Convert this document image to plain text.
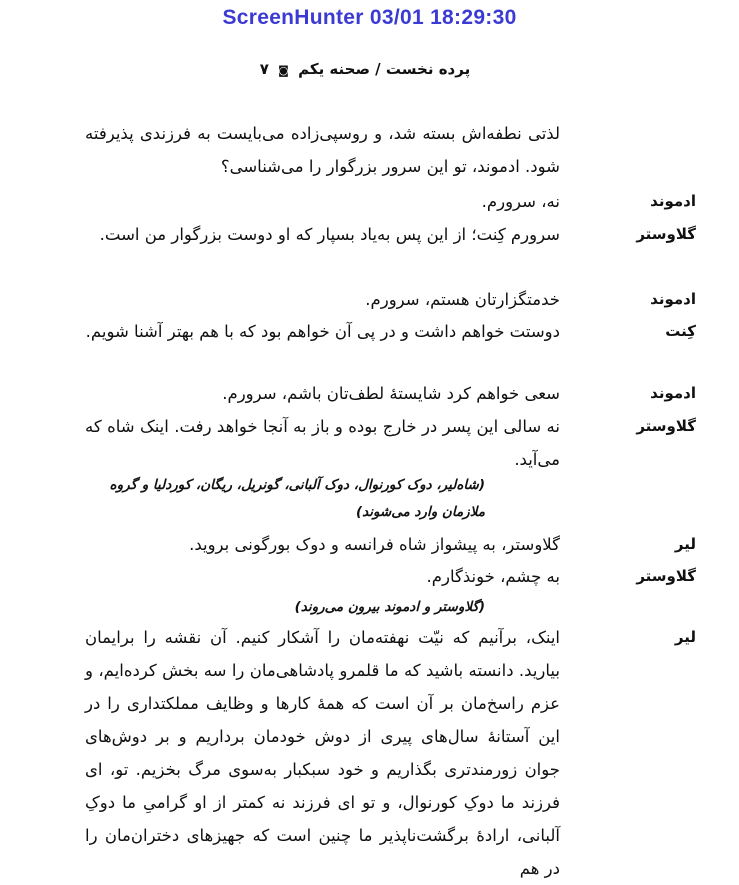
ScreenHunter 03/01 18:29:30
پرده نخست / صحنه یکم ◙ ۷
لذتی نطفه‌اش بسته شد، و روسپی‌زاده می‌بایست به فرزندی پذیرفته شود. ادموند، تو این سرور بزرگوار را می‌شناسی؟
ادموند
نه، سرورم.
گلاوستر
سرورم کِنت؛ از این پس به‌یاد بسپار که او دوست بزرگوار من است.
ادموند
خدمتگزارتان هستم، سرورم.
کِنت
دوستت خواهم داشت و در پی آن خواهم بود که با هم بهتر آشنا شویم.
ادموند
سعی خواهم کرد شایستهٔ لطف‌تان باشم، سرورم.
گلاوستر
نه سالی این پسر در خارج بوده و باز به آنجا خواهد رفت. اینک شاه که می‌آید.
(شاه‌لیر، دوک کورنوال، دوک آلبانی، گونریل، ریگان، کوردلیا و گروه ملازمان وارد می‌شوند)
لیر
گلاوستر، به پیشواز شاه فرانسه و دوک بورگونی بروید.
گلاوستر
به چشم، خونذگارم.
(گلاوستر و ادموند بیرون می‌روند)
لیر
اینک، برآنیم که نیّت نهفته‌مان را آشکار کنیم. آن نقشه را برایمان بیارید. دانسته باشید که ما قلمرو پادشاهی‌مان را سه بخش کرده‌ایم، و عزم راسخ‌مان بر آن است که همهٔ کارها و وظایف مملکتداری را در این آستانهٔ سال‌های پیری از دوش خودمان برداریم و بر دوش‌های جوان زورمندتری بگذاریم و خود سبکبار به‌سوی مرگ بخزیم. تو، ای فرزند ما دوکِ کورنوال، و تو ای فرزند نه کمتر از او گرامیِ ما دوکِ آلبانی، ارادهٔ برگشت‌ناپذیر ما چنین است که جهیزهای دختران‌مان را در هم
